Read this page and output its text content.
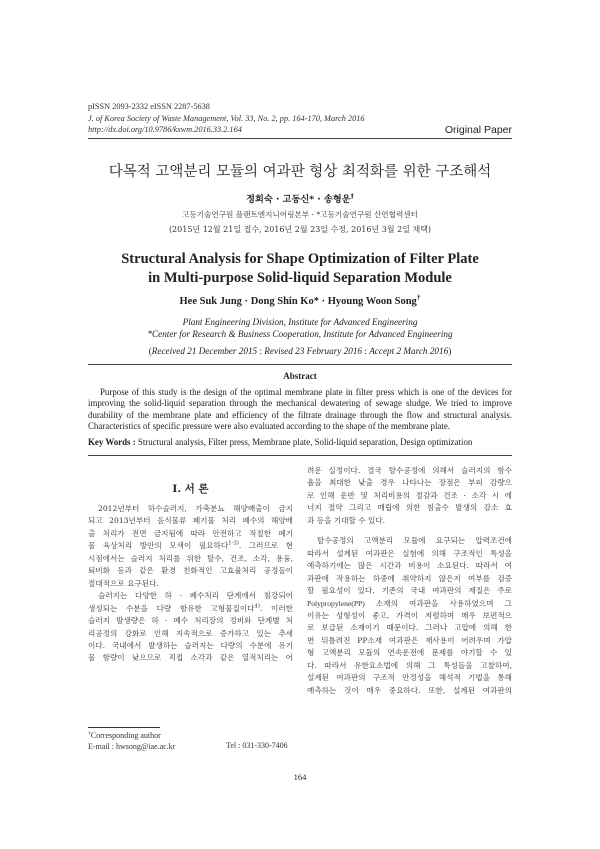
pISSN 2093-2332 eISSN 2287-5638
J. of Korea Society of Waste Management, Vol. 33, No. 2, pp. 164-170, March 2016
http://dx.doi.org/10.9786/kswm.2016.33.2.164	Original Paper
다목적 고액분리 모듈의 여과판 형상 최적화를 위한 구조해석
정희숙 · 고동신* · 송형운†
고등기술연구원 플랜트엔지니어링본부 · *고등기술연구원 산연협력센터
(2015년 12월 21일 접수, 2016년 2월 23일 수정, 2016년 3월 2일 채택)
Structural Analysis for Shape Optimization of Filter Plate
in Multi-purpose Solid-liquid Separation Module
Hee Suk Jung · Dong Shin Ko* · Hyoung Woon Song†
Plant Engineering Division, Institute for Advanced Engineering
*Center for Research & Business Cooperation, Institute for Advanced Engineering
(Received 21 December 2015 : Revised 23 February 2016 : Accept 2 March 2016)
Abstract
Purpose of this study is the design of the optimal membrane plate in filter press which is one of the devices for improving the solid-liquid separation through the mechanical dewatering of sewage sludge. We tried to improve durability of the membrane plate and efficiency of the filtrate drainage through the flow and structural analysis. Characteristics of specific pressure were also evaluated according to the shape of the membrane plate.
Key Words : Structural analysis, Filter press, Membrane plate, Solid-liquid separation, Design optimization
I. 서 론

2012년부터 하수슬러지, 가축분뇨 해양배출이 금지
되고 2013년부터 음식물류 폐기물 처리 폐수의 해양배
출 처리가 전면 금지됨에 따라 안전하고 적절한 폐기
물 육상처리 방안의 모색이 필요하다$^{1-3)}$. 그러므로 현
시점에서는 슬러지 처리를 위한 탈수, 건조, 소각, 용융,
퇴비화 등과 같은 환경 친화적인 고효율처리 공정들이
절대적으로 요구된다.

슬러지는 다양한 하 · 폐수처리 단계에서 침강되어
생성되는 수분을 다량 함유한 고형물질이다$^{4)}$. 이러한
슬러지 발생량은 하 · 폐수 처리장의 정비와 단계별 처
리공정의 강화로 인해 지속적으로 증가하고 있는 추세
이다. 국내에서 발생하는 슬러지는 다량의 수분에 유기
물 함량이 낮으므로 직접 소각과 같은 열적처리는 어

†Corresponding author
E-mail : hwsong@iae.ac.kr	Tel : 031-330-7406

려운 실정이다. 결국 탈수공정에 의해서 슬러지의 함수
율을 최대한 낮출 경우 나타나는 장점은 부피 감량으
로 인해 운반 및 처리비용의 절감과 건조 · 소각 시 에
너지 절약 그리고 매립에 의한 침출수 발생의 감소 효
과 등을 기대할 수 있다.

탈수공정의 고액분리 모듈에 요구되는 압력조건에
따라서 설계된 여과판은 실험에 의해 구조적인 특성을
예측하기에는 많은 시간과 비용이 소요된다. 따라서 여
과판에 작용하는 하중에 취약하지 않은지 여부를 검증
할 필요성이 있다. 기존의 국내 여과판의 재질은 주로
Polypropylene(PP) 소재의 여과판을 사용하였으며 그
이유는 성형성이 좋고, 가격이 저렴하며 매우 보편적으
로 보급된 소재이기 때문이다. 그러나 고압에 의해 한
번 뒤틀려진 PP소재 여과판은 재사용이 어려우며 가압
형 고액분리 모듈의 연속운전에 문제를 야기할 수 있
다. 따라서 유한요소법에 의해 그 특성들을 고찰하여,
설계된 여과판의 구조적 안정성을 해석적 기법을 통해
예측하는 것이 매우 중요하다. 또한, 설계된 여과판의

164
